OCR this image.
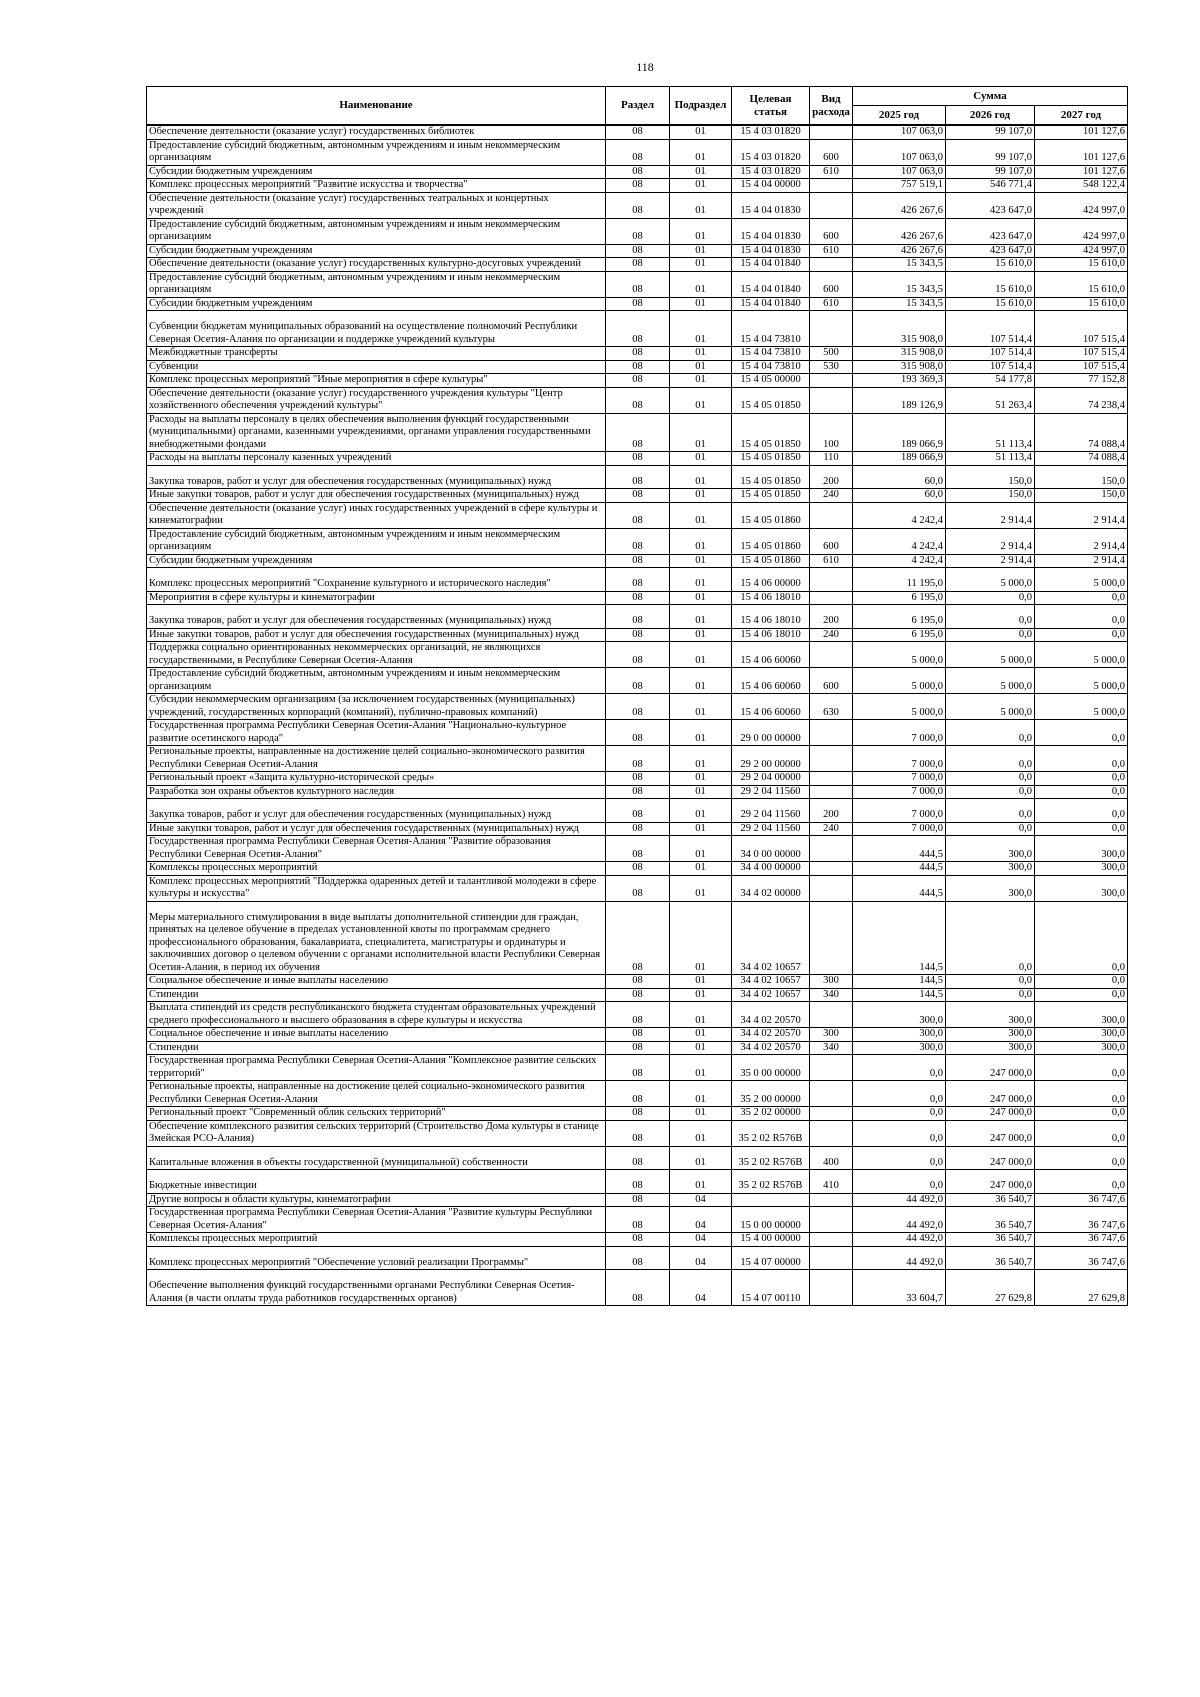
118
Наименование	Раздел	Подраздел	Целевая статья	Вид расхода	Сумма		
					2025 год	2026 год	2027 год
Обеспечение деятельности (оказание услуг) государственных библиотек	08	01	15 4 03 01820		107 063,0	99 107,0	101 127,6
Предоставление субсидий бюджетным, автономным учреждениям и иным некоммерческим организациям	08	01	15 4 03 01820	600	107 063,0	99 107,0	101 127,6
Субсидии бюджетным учреждениям	08	01	15 4 03 01820	610	107 063,0	99 107,0	101 127,6
Комплекс процессных мероприятий "Развитие искусства и творчества"	08	01	15 4 04 00000		757 519,1	546 771,4	548 122,4
Обеспечение деятельности (оказание услуг) государственных театральных и концертных учреждений	08	01	15 4 04 01830		426 267,6	423 647,0	424 997,0
Предоставление субсидий бюджетным, автономным учреждениям и иным некоммерческим организациям	08	01	15 4 04 01830	600	426 267,6	423 647,0	424 997,0
Субсидии бюджетным учреждениям	08	01	15 4 04 01830	610	426 267,6	423 647,0	424 997,0
Обеспечение деятельности (оказание услуг) государственных культурно-досуговых учреждений	08	01	15 4 04 01840		15 343,5	15 610,0	15 610,0
Предоставление субсидий бюджетным, автономным учреждениям и иным некоммерческим организациям	08	01	15 4 04 01840	600	15 343,5	15 610,0	15 610,0
Субсидии бюджетным учреждениям	08	01	15 4 04 01840	610	15 343,5	15 610,0	15 610,0
Субвенции бюджетам муниципальных образований на осуществление полномочий Республики Северная Осетия-Алания по организации и поддержке учреждений культуры	08	01	15 4 04 73810		315 908,0	107 514,4	107 515,4
Межбюджетные трансферты	08	01	15 4 04 73810	500	315 908,0	107 514,4	107 515,4
Субвенции	08	01	15 4 04 73810	530	315 908,0	107 514,4	107 515,4
Комплекс процессных мероприятий "Иные мероприятия в сфере культуры"	08	01	15 4 05 00000		193 369,3	54 177,8	77 152,8
Обеспечение деятельности (оказание услуг) государственного учреждения культуры "Центр хозяйственного обеспечения учреждений культуры"	08	01	15 4 05 01850		189 126,9	51 263,4	74 238,4
Расходы на выплаты персоналу в целях обеспечения выполнения функций государственными (муниципальными) органами, казенными учреждениями, органами управления государственными внебюджетными фондами	08	01	15 4 05 01850	100	189 066,9	51 113,4	74 088,4
Расходы на выплаты персоналу казенных учреждений	08	01	15 4 05 01850	110	189 066,9	51 113,4	74 088,4
Закупка товаров, работ и услуг для обеспечения государственных (муниципальных) нужд	08	01	15 4 05 01850	200	60,0	150,0	150,0
Иные закупки товаров, работ и услуг для обеспечения государственных (муниципальных) нужд	08	01	15 4 05 01850	240	60,0	150,0	150,0
Обеспечение деятельности (оказание услуг) иных государственных учреждений в сфере культуры и кинематографии	08	01	15 4 05 01860		4 242,4	2 914,4	2 914,4
Предоставление субсидий бюджетным, автономным учреждениям и иным некоммерческим организациям	08	01	15 4 05 01860	600	4 242,4	2 914,4	2 914,4
Субсидии бюджетным учреждениям	08	01	15 4 05 01860	610	4 242,4	2 914,4	2 914,4
Комплекс процессных мероприятий "Сохранение культурного и исторического наследия"	08	01	15 4 06 00000		11 195,0	5 000,0	5 000,0
Мероприятия в сфере культуры и кинематографии	08	01	15 4 06 18010		6 195,0	0,0	0,0
Закупка товаров, работ и услуг для обеспечения государственных (муниципальных) нужд	08	01	15 4 06 18010	200	6 195,0	0,0	0,0
Иные закупки товаров, работ и услуг для обеспечения государственных (муниципальных) нужд	08	01	15 4 06 18010	240	6 195,0	0,0	0,0
Поддержка социально ориентированных некоммерческих организаций, не являющихся государственными, в Республике Северная Осетия-Алания	08	01	15 4 06 60060		5 000,0	5 000,0	5 000,0
Предоставление субсидий бюджетным, автономным учреждениям и иным некоммерческим организациям	08	01	15 4 06 60060	600	5 000,0	5 000,0	5 000,0
Субсидии некоммерческим организациям (за исключением государственных (муниципальных) учреждений, государственных корпораций (компаний), публично-правовых компаний)	08	01	15 4 06 60060	630	5 000,0	5 000,0	5 000,0
Государственная программа Республики Северная Осетия-Алания "Национально-культурное развитие осетинского народа"	08	01	29 0 00 00000		7 000,0	0,0	0,0
Региональные проекты, направленные на достижение целей социально-экономического развития Республики Северная Осетия-Алания	08	01	29 2 00 00000		7 000,0	0,0	0,0
Региональный проект «Защита культурно-исторической среды»	08	01	29 2 04 00000		7 000,0	0,0	0,0
Разработка зон охраны объектов культурного наследия	08	01	29 2 04 11560		7 000,0	0,0	0,0
Закупка товаров, работ и услуг для обеспечения государственных (муниципальных) нужд	08	01	29 2 04 11560	200	7 000,0	0,0	0,0
Иные закупки товаров, работ и услуг для обеспечения государственных (муниципальных) нужд	08	01	29 2 04 11560	240	7 000,0	0,0	0,0
Государственная программа Республики Северная Осетия-Алания "Развитие образования Республики Северная Осетия-Алания"	08	01	34 0 00 00000		444,5	300,0	300,0
Комплексы процессных мероприятий	08	01	34 4 00 00000		444,5	300,0	300,0
Комплекс процессных мероприятий "Поддержка одаренных детей и талантливой молодежи в сфере культуры и искусства"	08	01	34 4 02 00000		444,5	300,0	300,0
Меры материального стимулирования в виде выплаты дополнительной стипендии для граждан, принятых на целевое обучение в пределах установленной квоты по программам среднего профессионального образования, бакалавриата, специалитета, магистратуры и ординатуры и заключивших договор о целевом обучении с органами исполнительной власти Республики Северная Осетия-Алания, в период их обучения	08	01	34 4 02 10657		144,5	0,0	0,0
Социальное обеспечение и иные выплаты населению	08	01	34 4 02 10657	300	144,5	0,0	0,0
Стипендии	08	01	34 4 02 10657	340	144,5	0,0	0,0
Выплата стипендий из средств республиканского бюджета студентам образовательных учреждений среднего профессионального и высшего образования в сфере культуры и искусства	08	01	34 4 02 20570		300,0	300,0	300,0
Социальное обеспечение и иные выплаты населению	08	01	34 4 02 20570	300	300,0	300,0	300,0
Стипендии	08	01	34 4 02 20570	340	300,0	300,0	300,0
Государственная программа Республики Северная Осетия-Алания "Комплексное развитие сельских территорий"	08	01	35 0 00 00000		0,0	247 000,0	0,0
Региональные проекты, направленные на достижение целей социально-экономического развития Республики Северная Осетия-Алания	08	01	35 2 00 00000		0,0	247 000,0	0,0
Региональный проект "Современный облик сельских территорий"	08	01	35 2 02 00000		0,0	247 000,0	0,0
Обеспечение комплексного развития сельских территорий (Строительство Дома культуры в станице Змейская РСО-Алания)	08	01	35 2 02 R576B		0,0	247 000,0	0,0
Капитальные вложения в объекты государственной (муниципальной) собственности	08	01	35 2 02 R576B	400	0,0	247 000,0	0,0
Бюджетные инвестиции	08	01	35 2 02 R576B	410	0,0	247 000,0	0,0
Другие вопросы в области культуры, кинематографии	08	04			44 492,0	36 540,7	36 747,6
Государственная программа Республики Северная Осетия-Алания "Развитие культуры Республики Северная Осетия-Алания"	08	04	15 0 00 00000		44 492,0	36 540,7	36 747,6
Комплексы процессных мероприятий	08	04	15 4 00 00000		44 492,0	36 540,7	36 747,6
Комплекс процессных мероприятий "Обеспечение условий реализации Программы"	08	04	15 4 07 00000		44 492,0	36 540,7	36 747,6
Обеспечение выполнения функций государственными органами Республики Северная Осетия-Алания (в части оплаты труда работников государственных органов)	08	04	15 4 07 00110		33 604,7	27 629,8	27 629,8
